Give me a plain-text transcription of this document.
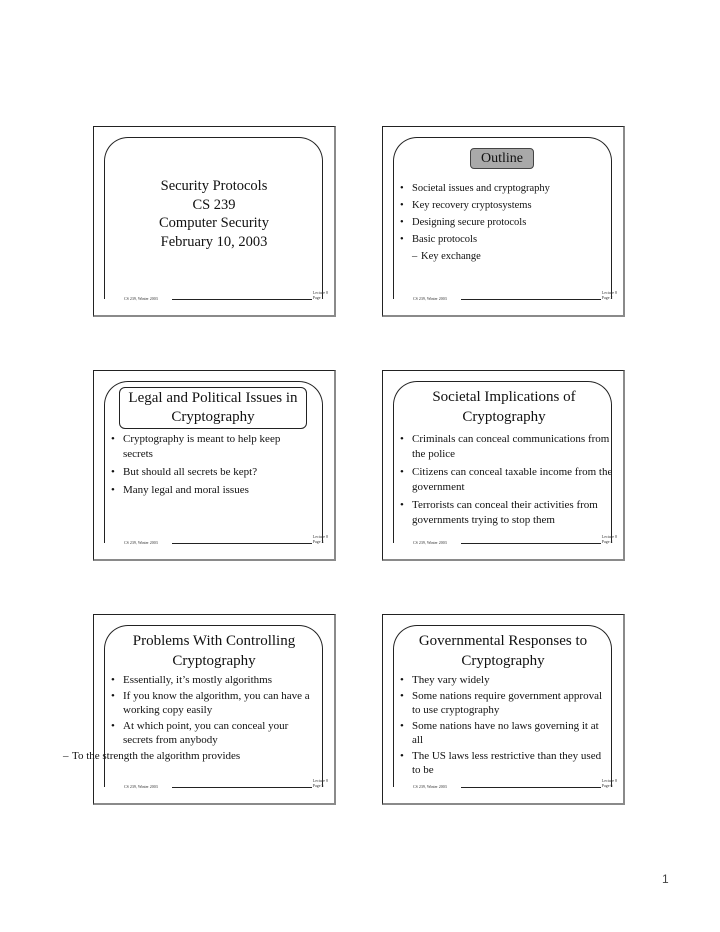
Security Protocols
CS 239
Computer Security
February 10, 2003
CS 239, Winter 2003
Lecture 8
Page 1
Outline
• Societal issues and cryptography
• Key recovery cryptosystems
• Designing secure protocols
• Basic protocols
– Key exchange
CS 239, Winter 2003
Lecture 8
Page 2
Legal and Political Issues in Cryptography
• Cryptography is meant to help keep secrets
• But should all secrets be kept?
• Many legal and moral issues
CS 239, Winter 2003
Lecture 8
Page 3
Societal Implications of Cryptography
• Criminals can conceal communications from the police
• Citizens can conceal taxable income from the government
• Terrorists can conceal their activities from governments trying to stop them
CS 239, Winter 2003
Lecture 8
Page 4
Problems With Controlling Cryptography
• Essentially, it’s mostly algorithms
• If you know the algorithm, you can have a working copy easily
• At which point, you can conceal your secrets from anybody
– To the strength the algorithm provides
CS 239, Winter 2003
Lecture 8
Page 5
Governmental Responses to Cryptography
• They vary widely
• Some nations require government approval to use cryptography
• Some nations have no laws governing it at all
• The US laws less restrictive than they used to be
CS 239, Winter 2003
Lecture 8
Page 6
1
